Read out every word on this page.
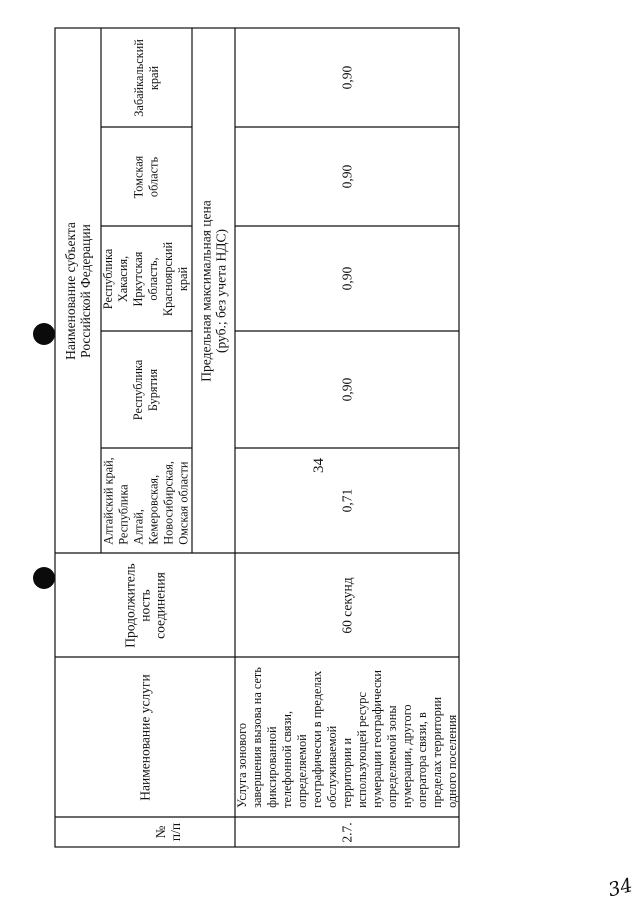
34
№
п/п
Наименование услуги
Продолжитель
ность
соединения
Наименование субъекта
Российской Федерации
Алтайский край,
Республика
Алтай,
Кемеровская,
Новосибирская,
Омская области
Республика
Бурятия
Республика
Хакасия,
Иркутская
область,
Красноярский
край
Томская
область
Забайкальский
край
Предельная максимальная цена
(руб.; без учета НДС)
2.7.
Услуга зонового
завершения вызова на сеть
фиксированной
телефонной связи,
определяемой
географически в пределах
обслуживаемой
территории и
использующей ресурс
нумерации географически
определяемой зоны
нумерации, другого
оператора связи, в
пределах территории
одного поселения
60 секунд
0,71
0,90
0,90
0,90
0,90
34
